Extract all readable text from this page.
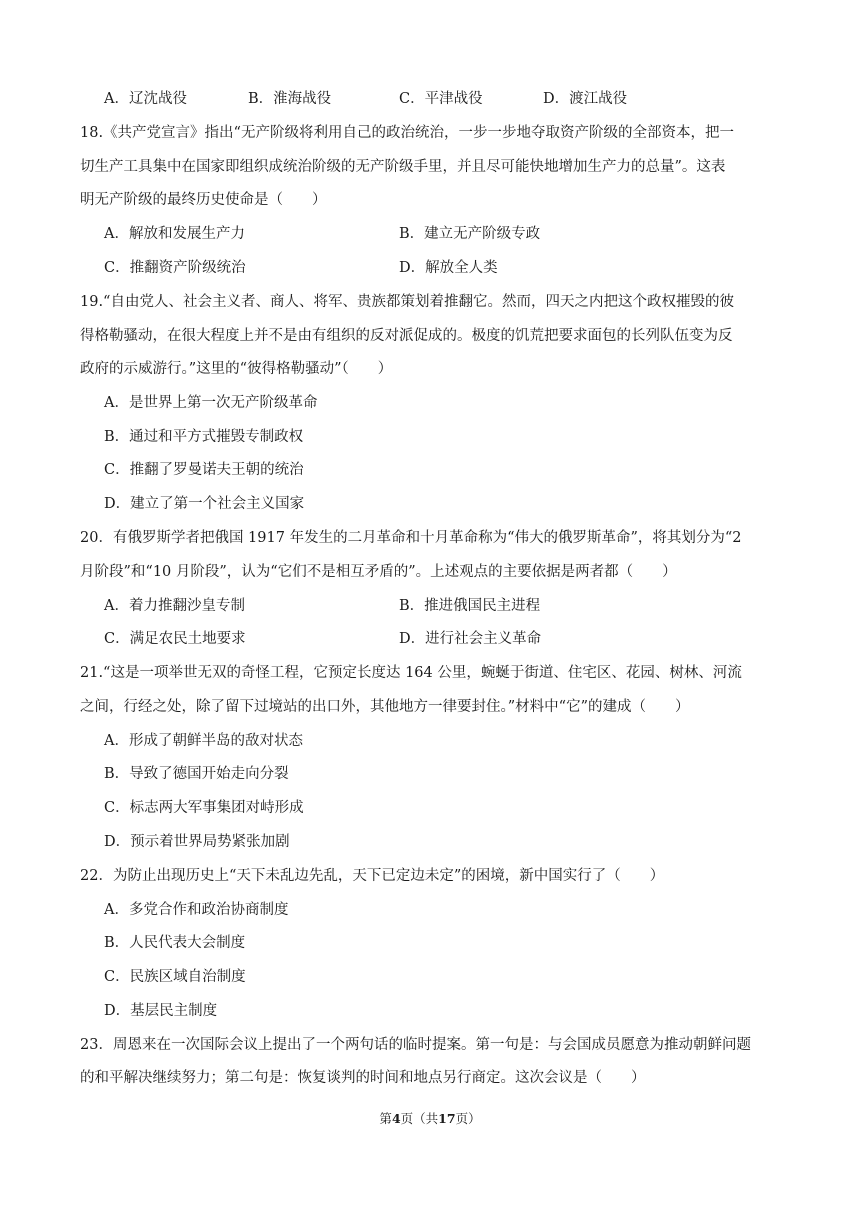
A．辽沈战役	B．淮海战役	C．平津战役	D．渡江战役
18.《共产党宣言》指出“无产阶级将利用自己的政治统治，一步一步地夺取资产阶级的全部资本，把一
切生产工具集中在国家即组织成统治阶级的无产阶级手里，并且尽可能快地增加生产力的总量”。这表
明无产阶级的最终历史使命是（　　）
A．解放和发展生产力	B．建立无产阶级专政
C．推翻资产阶级统治	D．解放全人类
19.“自由党人、社会主义者、商人、将军、贵族都策划着推翻它。然而，四天之内把这个政权摧毁的彼
得格勒骚动，在很大程度上并不是由有组织的反对派促成的。极度的饥荒把要求面包的长列队伍变为反
政府的示威游行。”这里的“彼得格勒骚动”（　　）
A．是世界上第一次无产阶级革命
B．通过和平方式摧毁专制政权
C．推翻了罗曼诺夫王朝的统治
D．建立了第一个社会主义国家
20．有俄罗斯学者把俄国 1917 年发生的二月革命和十月革命称为“伟大的俄罗斯革命”，将其划分为“2
月阶段”和“10 月阶段”，认为“它们不是相互矛盾的”。上述观点的主要依据是两者都（　　）
A．着力推翻沙皇专制	B．推进俄国民主进程
C．满足农民土地要求	D．进行社会主义革命
21.“这是一项举世无双的奇怪工程，它预定长度达 164 公里，蜿蜒于街道、住宅区、花园、树林、河流
之间，行经之处，除了留下过境站的出口外，其他地方一律要封住。”材料中“它”的建成（　　）
A．形成了朝鲜半岛的敌对状态
B．导致了德国开始走向分裂
C．标志两大军事集团对峙形成
D．预示着世界局势紧张加剧
22．为防止出现历史上“天下未乱边先乱，天下已定边未定”的困境，新中国实行了（　　）
A．多党合作和政治协商制度
B．人民代表大会制度
C．民族区域自治制度
D．基层民主制度
23．周恩来在一次国际会议上提出了一个两句话的临时提案。第一句是：与会国成员愿意为推动朝鲜问题
的和平解决继续努力；第二句是：恢复谈判的时间和地点另行商定。这次会议是（　　）
第4页（共17页）
